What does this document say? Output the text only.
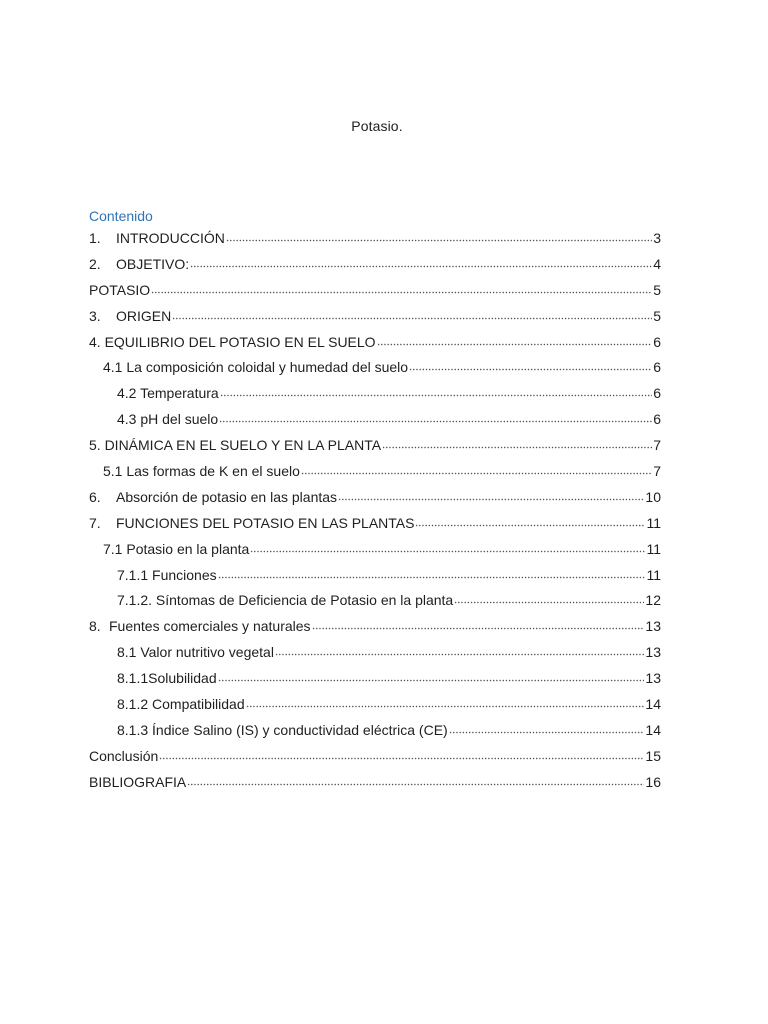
Potasio.
Contenido
1.	INTRODUCCIÓN	3
2.	OBJETIVO:	4
POTASIO	5
3.	ORIGEN	5
4. EQUILIBRIO DEL POTASIO EN EL SUELO	6
4.1 La composición coloidal y humedad del suelo	6
4.2 Temperatura	6
4.3 pH del suelo	6
5. DINÁMICA EN EL SUELO Y EN LA PLANTA	7
5.1 Las formas de K en el suelo	7
6.	Absorción de potasio en las plantas	10
7.	FUNCIONES DEL POTASIO EN LAS PLANTAS	11
7.1 Potasio en la planta	11
7.1.1 Funciones	11
7.1.2. Síntomas de Deficiencia de Potasio en la planta	12
8. Fuentes comerciales y naturales	13
8.1 Valor nutritivo vegetal	13
8.1.1Solubilidad	13
8.1.2 Compatibilidad	14
8.1.3 Índice Salino (IS) y conductividad eléctrica (CE)	14
Conclusión	15
BIBLIOGRAFIA	16
